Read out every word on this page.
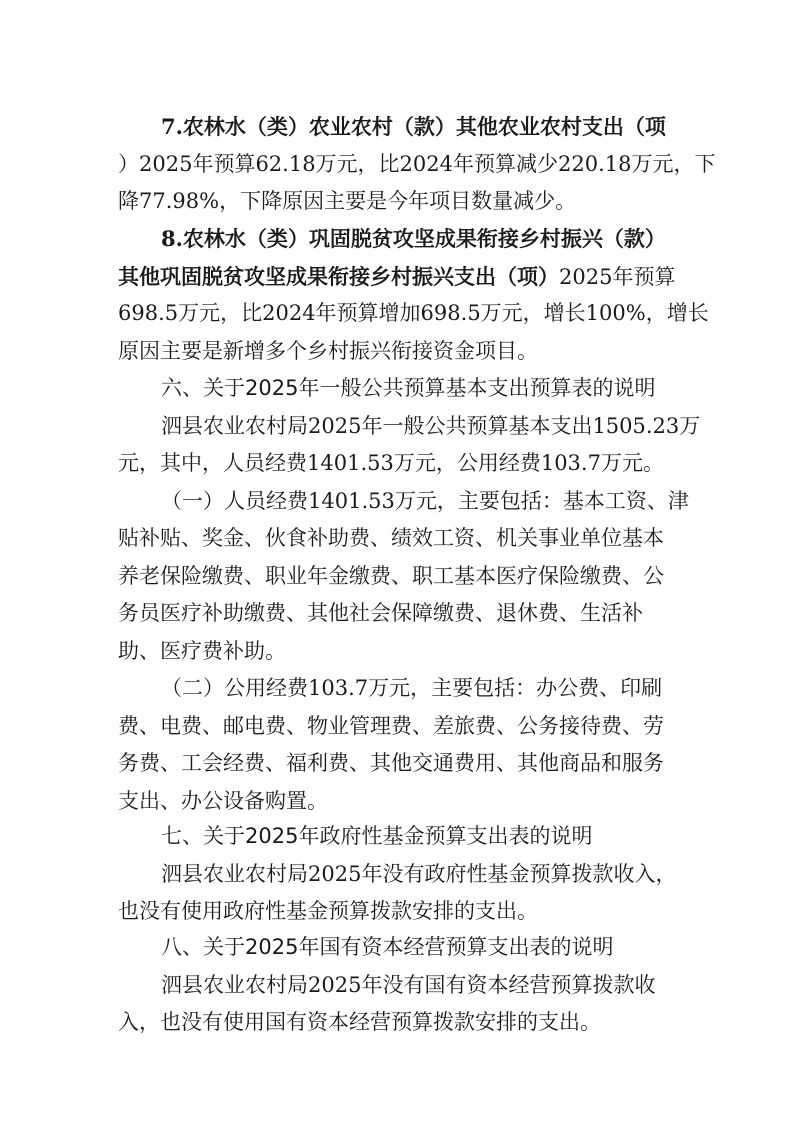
7.农林水（类）农业农村（款）其他农业农村支出（项
）2025年预算62.18万元，比2024年预算减少220.18万元，下
降77.98%，下降原因主要是今年项目数量减少。
8.农林水（类）巩固脱贫攻坚成果衔接乡村振兴（款）
其他巩固脱贫攻坚成果衔接乡村振兴支出（项）2025年预算
698.5万元，比2024年预算增加698.5万元，增长100%，增长
原因主要是新增多个乡村振兴衔接资金项目。
六、关于2025年一般公共预算基本支出预算表的说明
泗县农业农村局2025年一般公共预算基本支出1505.23万
元，其中，人员经费1401.53万元，公用经费103.7万元。
（一）人员经费1401.53万元，主要包括：基本工资、津
贴补贴、奖金、伙食补助费、绩效工资、机关事业单位基本
养老保险缴费、职业年金缴费、职工基本医疗保险缴费、公
务员医疗补助缴费、其他社会保障缴费、退休费、生活补
助、医疗费补助。
（二）公用经费103.7万元，主要包括：办公费、印刷
费、电费、邮电费、物业管理费、差旅费、公务接待费、劳
务费、工会经费、福利费、其他交通费用、其他商品和服务
支出、办公设备购置。
七、关于2025年政府性基金预算支出表的说明
泗县农业农村局2025年没有政府性基金预算拨款收入，
也没有使用政府性基金预算拨款安排的支出。
八、关于2025年国有资本经营预算支出表的说明
泗县农业农村局2025年没有国有资本经营预算拨款收
入，也没有使用国有资本经营预算拨款安排的支出。
